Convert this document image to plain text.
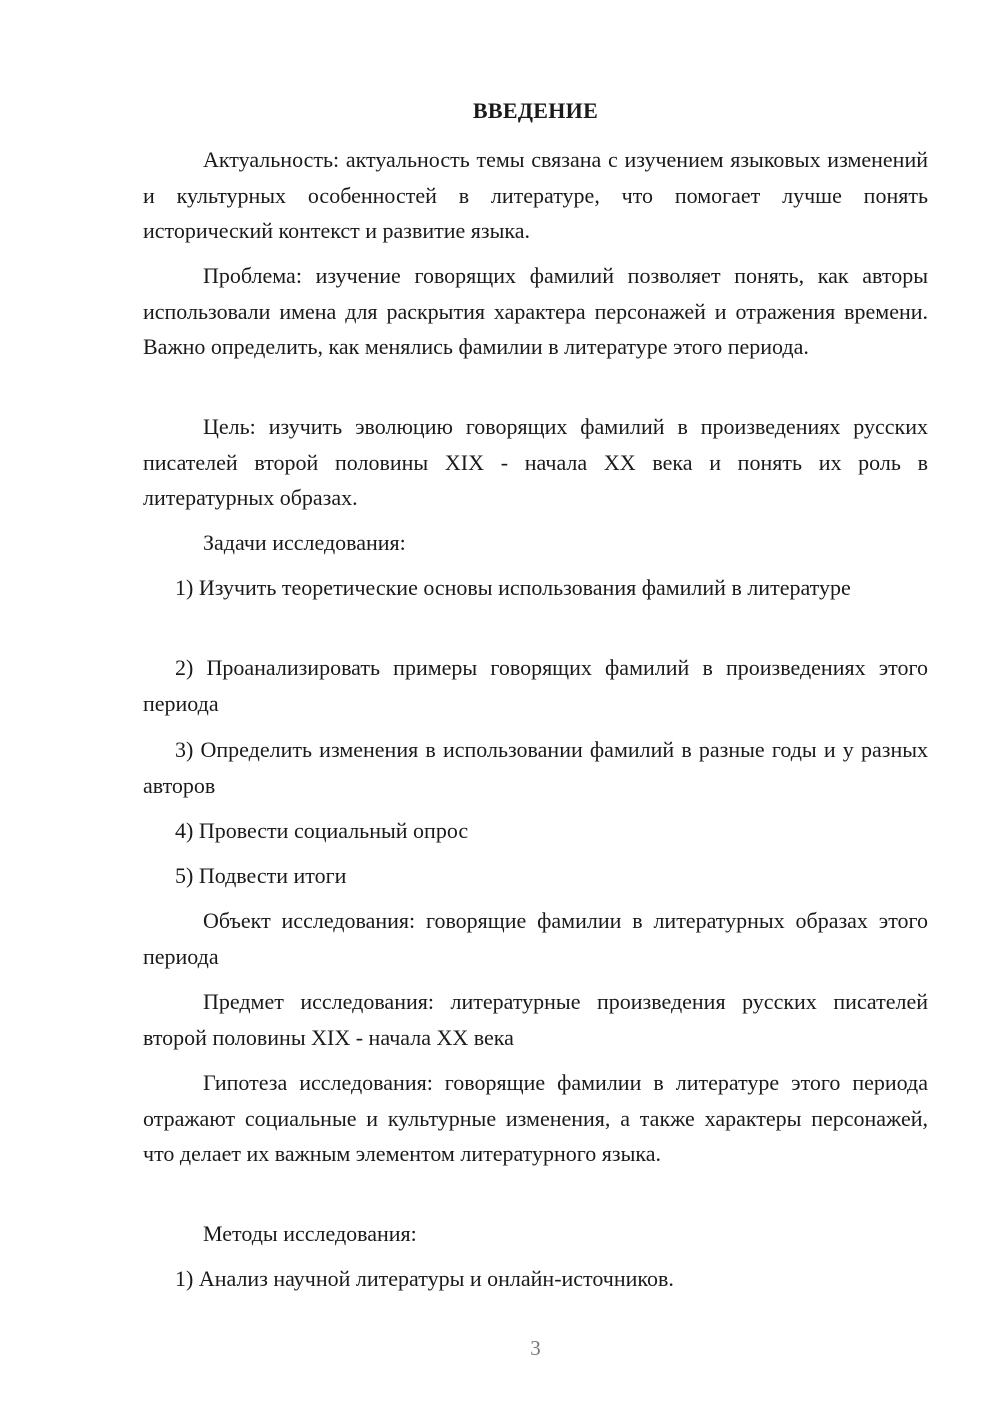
ВВЕДЕНИЕ

Актуальность: актуальность темы связана с изучением языковых изменений и культурных особенностей в литературе, что помогает лучше понять исторический контекст и развитие языка.

Проблема: изучение говорящих фамилий позволяет понять, как авторы использовали имена для раскрытия характера персонажей и отражения времени. Важно определить, как менялись фамилии в литературе этого периода.

Цель: изучить эволюцию говорящих фамилий в произведениях русских писателей второй половины XIX - начала XX века и понять их роль в литературных образах.

Задачи исследования:

1) Изучить теоретические основы использования фамилий в литературе

2) Проанализировать примеры говорящих фамилий в произведениях этого периода

3) Определить изменения в использовании фамилий в разные годы и у разных авторов

4) Провести социальный опрос

5) Подвести итоги

Объект исследования: говорящие фамилии в литературных образах этого периода

Предмет исследования: литературные произведения русских писателей второй половины XIX - начала XX века

Гипотеза исследования: говорящие фамилии в литературе этого периода отражают социальные и культурные изменения, а также характеры персонажей, что делает их важным элементом литературного языка.

Методы исследования:

1) Анализ научной литературы и онлайн-источников.

3
